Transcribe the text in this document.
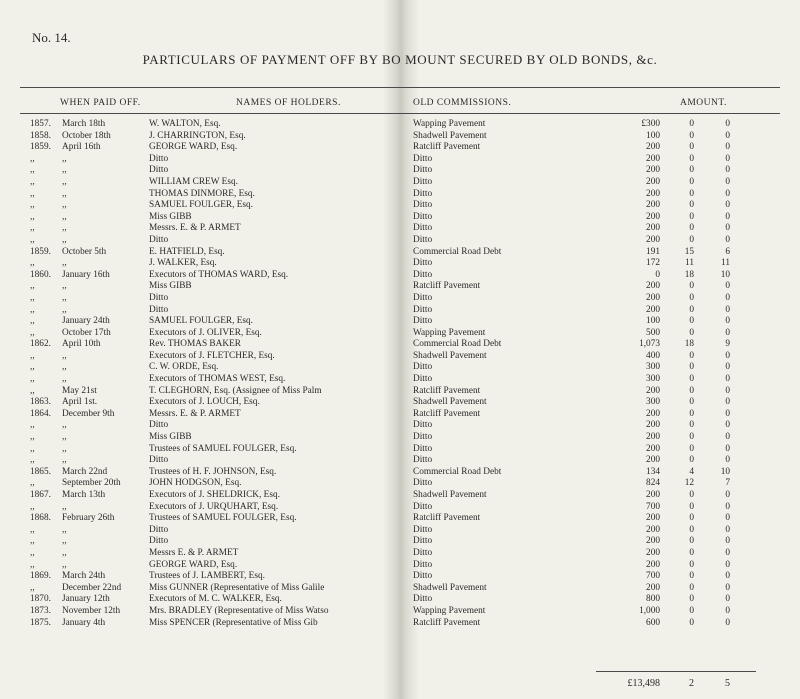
No. 14.
PARTICULARS OF PAYMENT OFF BY BO MOUNT SECURED BY OLD BONDS, &c.
WHEN PAID OFF.	NAMES OF HOLDERS.	OLD COMMISSIONS.	AMOUNT.
1857. March 18th	W. WALTON, Esq.	Wapping Pavement	£300	0	0
1858. October 18th	J. CHARRINGTON, Esq.	Shadwell Pavement	100	0	0
1859. April 16th	GEORGE WARD, Esq.	Ratcliff Pavement	200	0	0
,,	,,	Ditto	Ditto	200	0	0
,,	,,	Ditto	Ditto	200	0	0
,,	,,	WILLIAM CREW Esq.	Ditto	200	0	0
,,	,,	THOMAS DINMORE, Esq.	Ditto	200	0	0
,,	,,	SAMUEL FOULGER, Esq.	Ditto	200	0	0
,,	,,	Miss GIBB	Ditto	200	0	0
,,	,,	Messrs. E. & P. ARMET	Ditto	200	0	0
,,	,,	Ditto	Ditto	200	0	0
1859. October 5th	E. HATFIELD, Esq.	Commercial Road Debt	191	15	6
,,	,,	J. WALKER, Esq.	Ditto	172	11	11
1860. January 16th	Executors of THOMAS WARD, Esq.	Ditto	0	18	10
,,	,,	Miss GIBB	Ratcliff Pavement	200	0	0
,,	,,	Ditto	Ditto	200	0	0
,,	,,	Ditto	Ditto	200	0	0
,,	January 24th	SAMUEL FOULGER, Esq.	Ditto	100	0	0
,,	October 17th	Executors of J. OLIVER, Esq.	Wapping Pavement	500	0	0
1862. April 10th	Rev. THOMAS BAKER	Commercial Road Debt	1,073	18	9
,,	,,	Executors of J. FLETCHER, Esq.	Shadwell Pavement	400	0	0
,,	,,	C. W. ORDE, Esq.	Ditto	300	0	0
,,	,,	Executors of THOMAS WEST, Esq.	Ditto	300	0	0
,,	May 21st	T. CLEGHORN, Esq. (Assignee of Miss Palm	Ratcliff Pavement	200	0	0
1863. April 1st.	Executors of J. LOUCH, Esq.	Shadwell Pavement	300	0	0
1864. December 9th	Messrs. E. & P. ARMET	Ratcliff Pavement	200	0	0
,,	,,	Ditto	Ditto	200	0	0
,,	,,	Miss GIBB	Ditto	200	0	0
,,	,,	Trustees of SAMUEL FOULGER, Esq.	Ditto	200	0	0
,,	,,	Ditto	Ditto	200	0	0
1865. March 22nd	Trustees of H. F. JOHNSON, Esq.	Commercial Road Debt	134	4	10
,,	September 20th	JOHN HODGSON, Esq.	Ditto	824	12	7
1867. March 13th	Executors of J. SHELDRICK, Esq.	Shadwell Pavement	200	0	0
,,	,,	Executors of J. URQUHART, Esq.	Ditto	700	0	0
1868. February 26th	Trustees of SAMUEL FOULGER, Esq.	Ratcliff Pavement	200	0	0
,,	,,	Ditto	Ditto	200	0	0
,,	,,	Ditto	Ditto	200	0	0
,,	,,	Messrs E. & P. ARMET	Ditto	200	0	0
,,	,,	GEORGE WARD, Esq.	Ditto	200	0	0
1869. March 24th	Trustees of J. LAMBERT, Esq.	Ditto	700	0	0
,,	December 22nd	Miss GUNNER (Representative of Miss Galile	Shadwell Pavement	200	0	0
1870. January 12th	Executors of M. C. WALKER, Esq.	Ditto	800	0	0
1873. November 12th	Mrs. BRADLEY (Representative of Miss Watso	Wapping Pavement	1,000	0	0
1875. January 4th	Miss SPENCER (Representative of Miss Gib	Ratcliff Pavement	600	0	0
£13,498	2	5
